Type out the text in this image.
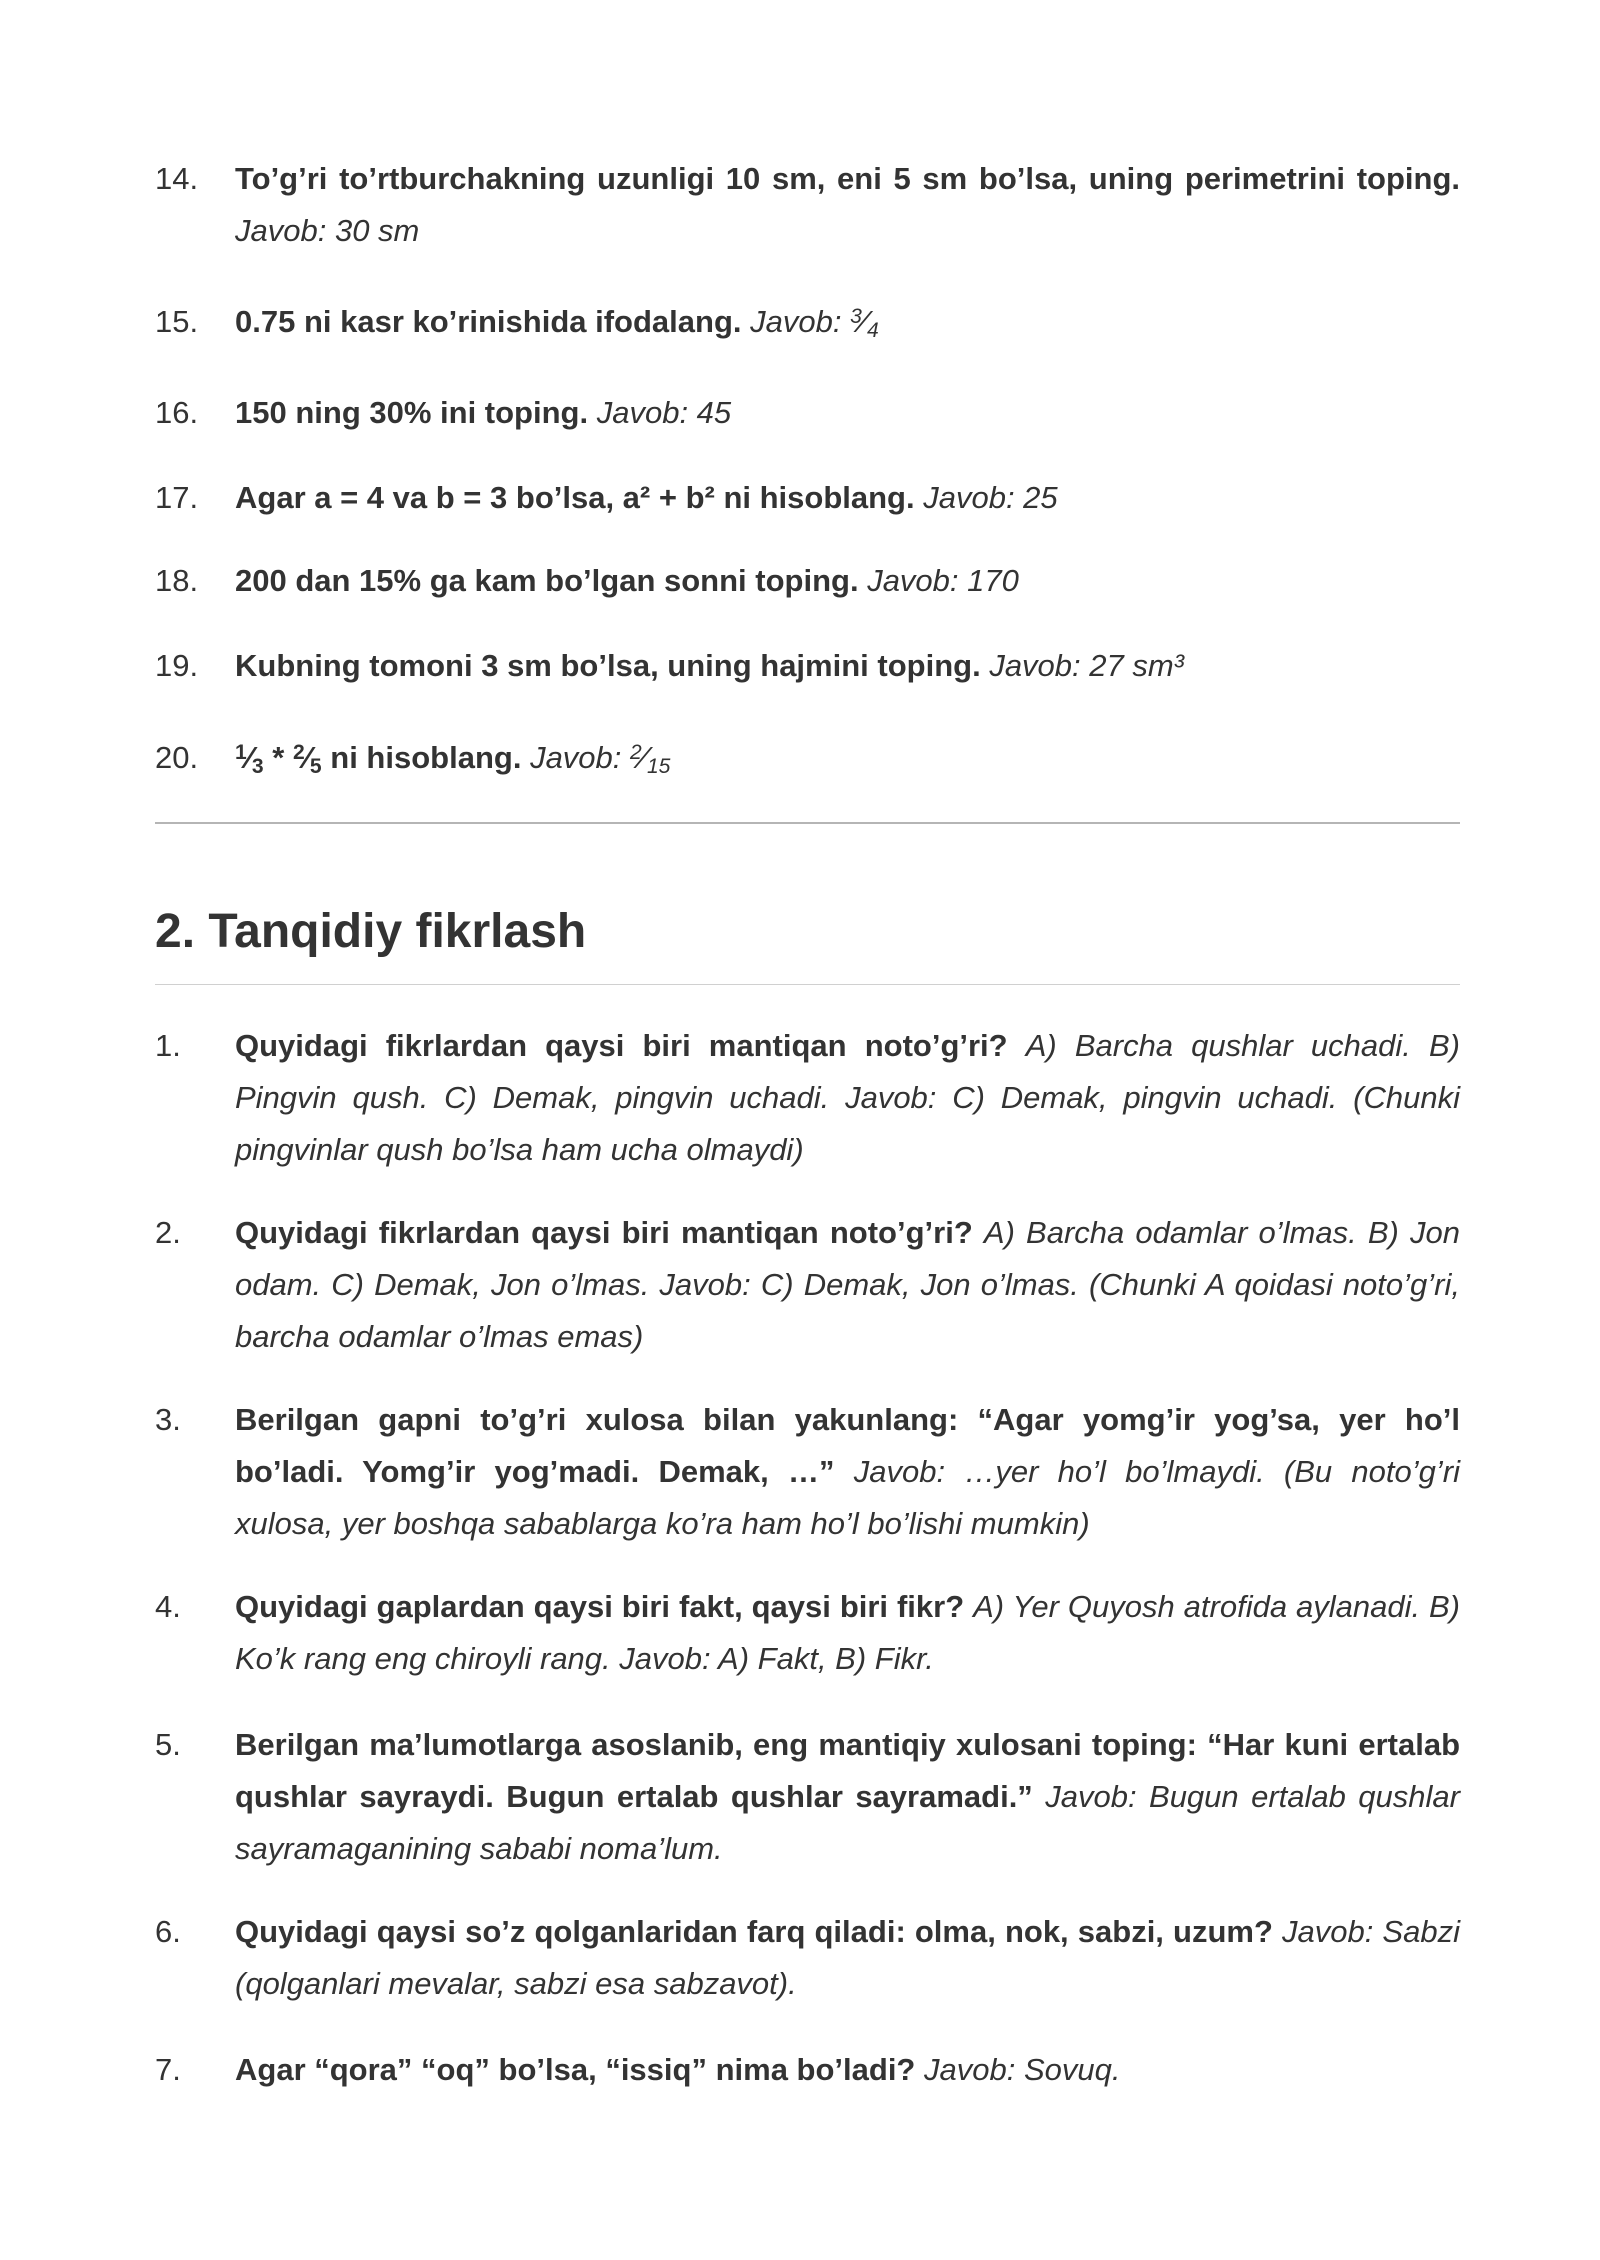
14.	To’g’ri to’rtburchakning uzunligi 10 sm, eni 5 sm bo’lsa, uning perimetrini toping. Javob: 30 sm
15.	0.75 ni kasr ko’rinishida ifodalang. Javob: $^3⁄_4$
16.	150 ning 30% ini toping. Javob: 45
17.	Agar a = 4 va b = 3 bo’lsa, a² + b² ni hisoblang. Javob: 25
18.	200 dan 15% ga kam bo’lgan sonni toping. Javob: 170
19.	Kubning tomoni 3 sm bo’lsa, uning hajmini toping. Javob: 27 sm³
20.	$^1⁄_3$ * $^2⁄_5$ ni hisoblang. Javob: $^2⁄_{15}$
2. Tanqidiy fikrlash
1.	Quyidagi fikrlardan qaysi biri mantiqan noto’g’ri? A) Barcha qushlar uchadi. B) Pingvin qush. C) Demak, pingvin uchadi. Javob: C) Demak, pingvin uchadi. (Chunki pingvinlar qush bo’lsa ham ucha olmaydi)
2.	Quyidagi fikrlardan qaysi biri mantiqan noto’g’ri? A) Barcha odamlar o’lmas. B) Jon odam. C) Demak, Jon o’lmas. Javob: C) Demak, Jon o’lmas. (Chunki A qoidasi noto’g’ri, barcha odamlar o’lmas emas)
3.	Berilgan gapni to’g’ri xulosa bilan yakunlang: “Agar yomg’ir yog’sa, yer ho’l bo’ladi. Yomg’ir yog’madi. Demak, …” Javob: …yer ho’l bo’lmaydi. (Bu noto’g’ri xulosa, yer boshqa sabablarga ko’ra ham ho’l bo’lishi mumkin)
4.	Quyidagi gaplardan qaysi biri fakt, qaysi biri fikr? A) Yer Quyosh atrofida aylanadi. B) Ko’k rang eng chiroyli rang. Javob: A) Fakt, B) Fikr.
5.	Berilgan ma’lumotlarga asoslanib, eng mantiqiy xulosani toping: “Har kuni ertalab qushlar sayraydi. Bugun ertalab qushlar sayramadi.” Javob: Bugun ertalab qushlar sayramaganining sababi noma’lum.
6.	Quyidagi qaysi so’z qolganlaridan farq qiladi: olma, nok, sabzi, uzum? Javob: Sabzi (qolganlari mevalar, sabzi esa sabzavot).
7.	Agar “qora” “oq” bo’lsa, “issiq” nima bo’ladi? Javob: Sovuq.
